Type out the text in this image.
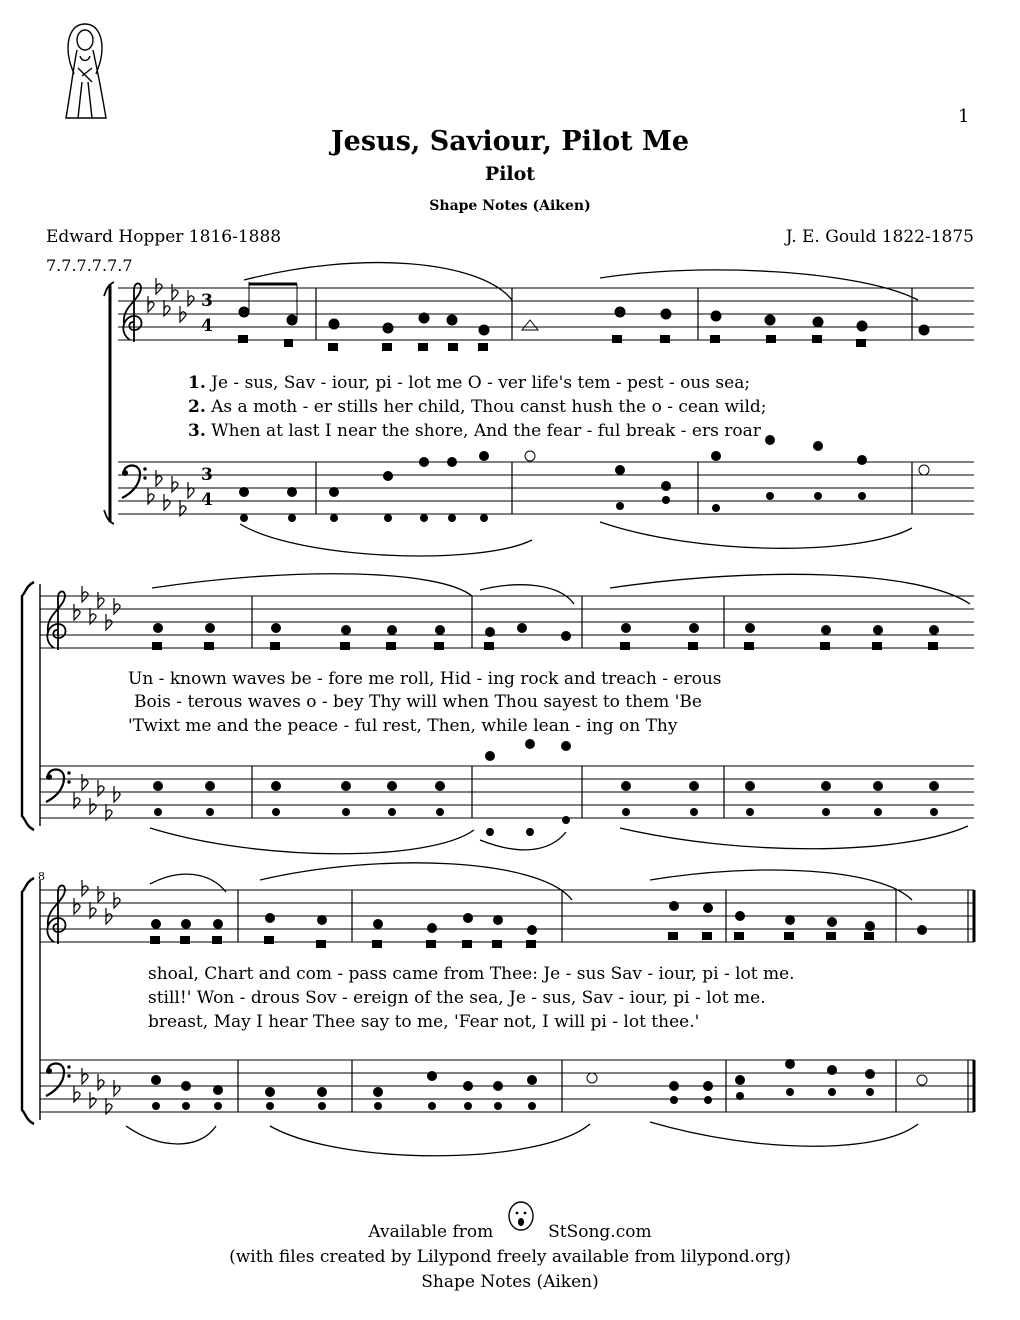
1
Jesus, Saviour, Pilot Me
Pilot
Shape Notes (Aiken)
Edward Hopper 1816-1888	J. E. Gould 1822-1875
7.7.7.7.7.7
3
4
3
4
8
1. Je - sus, Sav - iour, pi - lot me O - ver life's tem - pest - ous sea;
2. As a moth - er stills her child, Thou canst hush the o - cean wild;
3. When at last I near the shore, And the fear - ful break - ers roar
Un - known waves be - fore me roll, Hid - ing rock and treach - erous
Bois - terous waves o - bey Thy will when Thou sayest to them 'Be
'Twixt me and the peace - ful rest, Then, while lean - ing on Thy
shoal, Chart and com - pass came from Thee: Je - sus Sav - iour, pi - lot me.
still!' Won - drous Sov - ereign of the sea, Je - sus, Sav - iour, pi - lot me.
breast, May I hear Thee say to me, 'Fear not, I will pi - lot thee.'
Available from	StSong.com
(with files created by Lilypond freely available from lilypond.org)
Shape Notes (Aiken)
